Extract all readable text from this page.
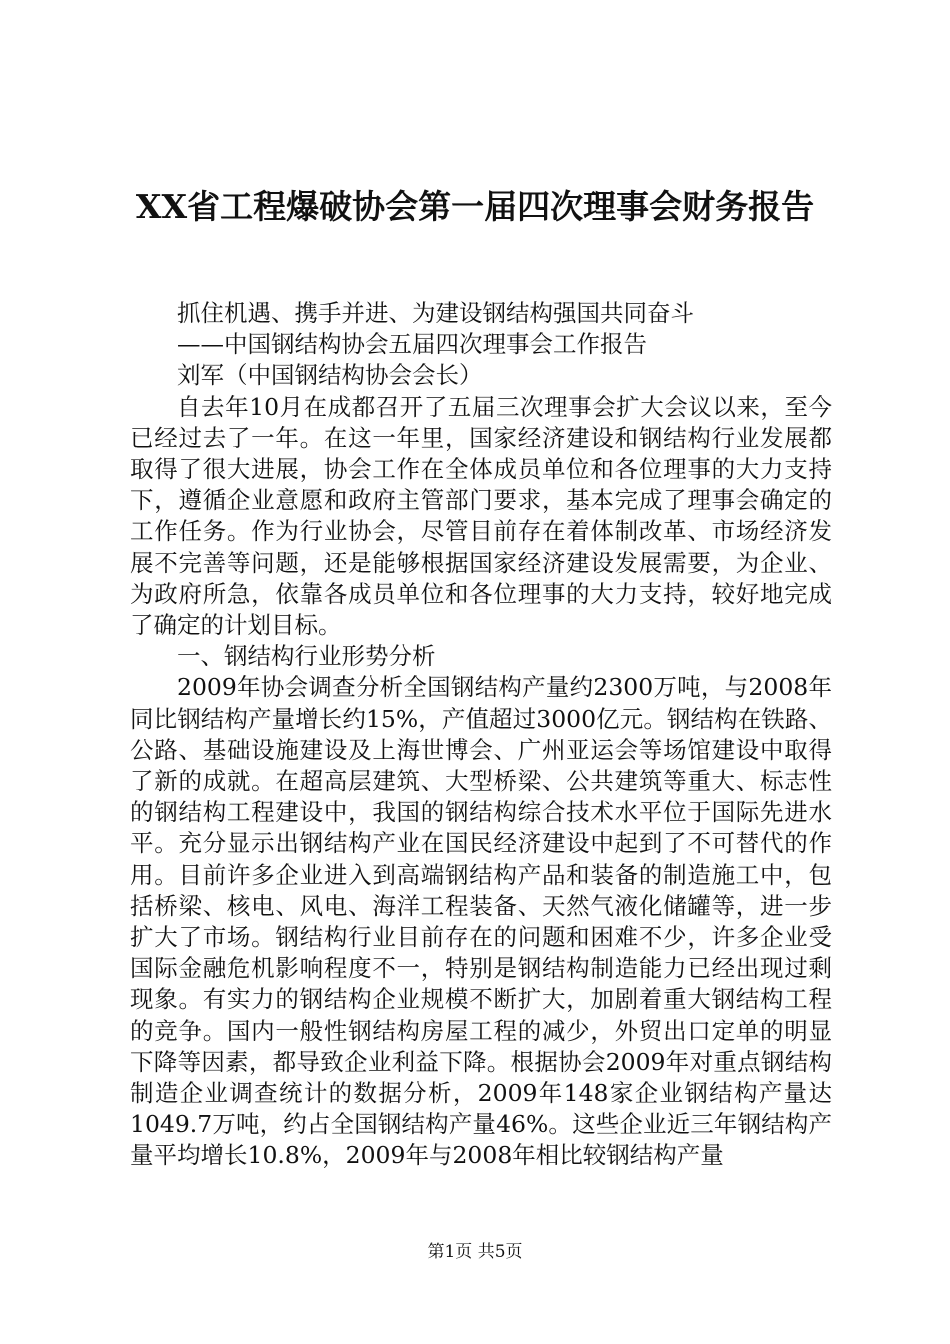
XX省工程爆破协会第一届四次理事会财务报告

抓住机遇、携手并进、为建设钢结构强国共同奋斗

——中国钢结构协会五届四次理事会工作报告

刘军（中国钢结构协会会长）

自去年10月在成都召开了五届三次理事会扩大会议以来，至今已经过去了一年。在这一年里，国家经济建设和钢结构行业发展都取得了很大进展，协会工作在全体成员单位和各位理事的大力支持下，遵循企业意愿和政府主管部门要求，基本完成了理事会确定的工作任务。作为行业协会，尽管目前存在着体制改革、市场经济发展不完善等问题，还是能够根据国家经济建设发展需要，为企业、为政府所急，依靠各成员单位和各位理事的大力支持，较好地完成了确定的计划目标。

一、钢结构行业形势分析

2009年协会调查分析全国钢结构产量约2300万吨，与2008年同比钢结构产量增长约15%，产值超过3000亿元。钢结构在铁路、公路、基础设施建设及上海世博会、广州亚运会等场馆建设中取得了新的成就。在超高层建筑、大型桥梁、公共建筑等重大、标志性的钢结构工程建设中，我国的钢结构综合技术水平位于国际先进水平。充分显示出钢结构产业在国民经济建设中起到了不可替代的作用。目前许多企业进入到高端钢结构产品和装备的制造施工中，包括桥梁、核电、风电、海洋工程装备、天然气液化储罐等，进一步扩大了市场。钢结构行业目前存在的问题和困难不少，许多企业受国际金融危机影响程度不一，特别是钢结构制造能力已经出现过剩现象。有实力的钢结构企业规模不断扩大，加剧着重大钢结构工程的竞争。国内一般性钢结构房屋工程的减少，外贸出口定单的明显下降等因素，都导致企业利益下降。根据协会2009年对重点钢结构制造企业调查统计的数据分析，2009年148家企业钢结构产量达1049.7万吨，约占全国钢结构产量46%。这些企业近三年钢结构产量平均增长10.8%，2009年与2008年相比较钢结构产量

第1页 共5页
